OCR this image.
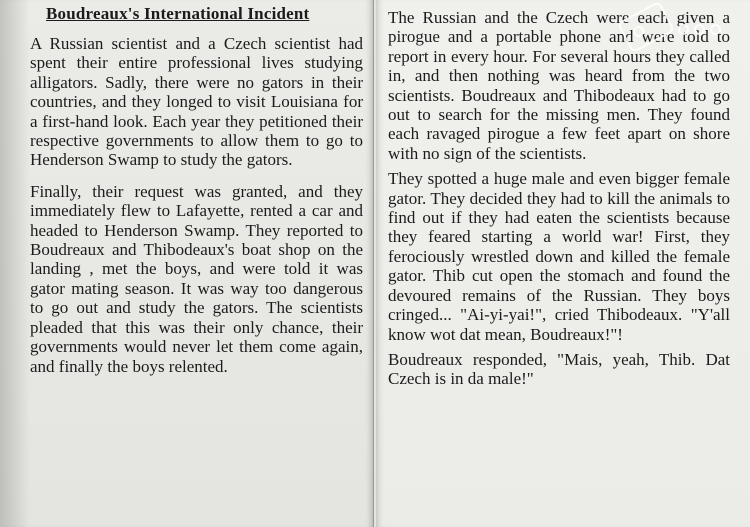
Boudreaux's International Incident

A Russian scientist and a Czech scientist had spent their entire professional lives studying alligators. Sadly, there were no gators in their countries, and they longed to visit Louisiana for a first-hand look. Each year they petitioned their respective governments to allow them to go to Henderson Swamp to study the gators.

Finally, their request was granted, and they immediately flew to Lafayette, rented a car and headed to Henderson Swamp. They reported to Boudreaux and Thibodeaux's boat shop on the landing , met the boys, and were told it was gator mating season. It was way too dangerous to go out and study the gators. The scientists pleaded that this was their only chance, their governments would never let them come again, and finally the boys relented.

The Russian and the Czech were each given a pirogue and a portable phone and were told to report in every hour. For several hours they called in, and then nothing was heard from the two scientists. Boudreaux and Thibodeaux had to go out to search for the missing men. They found each ravaged pirogue a few feet apart on shore with no sign of the scientists.

They spotted a huge male and even bigger female gator. They decided they had to kill the animals to find out if they had eaten the scientists because they feared starting a world war! First, they ferociously wrestled down and killed the female gator. Thib cut open the stomach and found the devoured remains of the Russian. They boys cringed... "Ai-yi-yai!", cried Thibodeaux. "Y'all know wot dat mean, Boudreaux!"!

Boudreaux responded, "Mais, yeah, Thib. Dat Czech is in da male!"
